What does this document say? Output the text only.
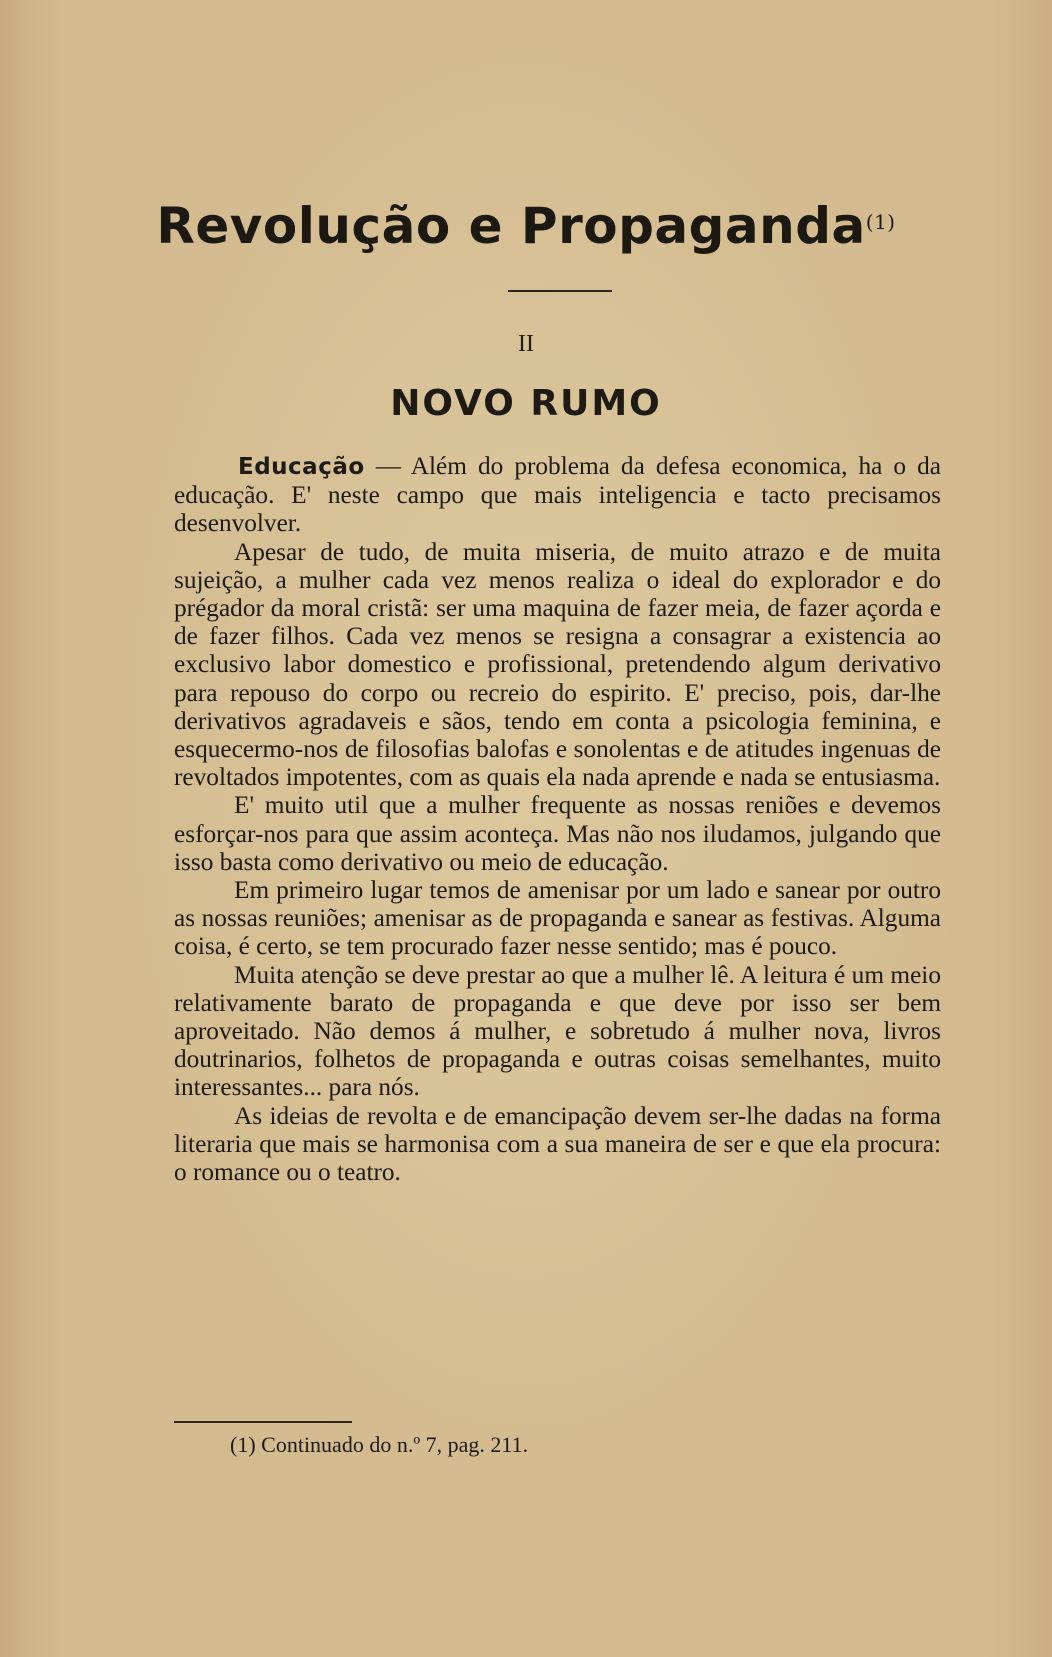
Revolução e Propaganda$^{(1)}$

II

NOVO RUMO

Educação — Além do problema da defesa economica, ha o da educação. E' neste campo que mais inteligencia e tacto precisamos desenvolver.

Apesar de tudo, de muita miseria, de muito atrazo e de muita sujeição, a mulher cada vez menos realiza o ideal do explorador e do prégador da moral cristã: ser uma maquina de fazer meia, de fazer açorda e de fazer filhos. Cada vez menos se resigna a consagrar a existencia ao exclusivo labor domestico e profissional, pretendendo algum derivativo para repouso do corpo ou recreio do espirito. E' preciso, pois, dar-lhe derivativos agradaveis e sãos, tendo em conta a psicologia feminina, e esquecermo-nos de filosofias balofas e sonolentas e de atitudes ingenuas de revoltados impotentes, com as quais ela nada aprende e nada se entusiasma.

E' muito util que a mulher frequente as nossas reniões e devemos esforçar-nos para que assim aconteça. Mas não nos iludamos, julgando que isso basta como derivativo ou meio de educação.

Em primeiro lugar temos de amenisar por um lado e sanear por outro as nossas reuniões; amenisar as de propaganda e sanear as festivas. Alguma coisa, é certo, se tem procurado fazer nesse sentido; mas é pouco.

Muita atenção se deve prestar ao que a mulher lê. A leitura é um meio relativamente barato de propaganda e que deve por isso ser bem aproveitado. Não demos á mulher, e sobretudo á mulher nova, livros doutrinarios, folhetos de propaganda e outras coisas semelhantes, muito interessantes... para nós.

As ideias de revolta e de emancipação devem ser-lhe dadas na forma literaria que mais se harmonisa com a sua maneira de ser e que ela procura: o romance ou o teatro.

(1) Continuado do n.º 7, pag. 211.
